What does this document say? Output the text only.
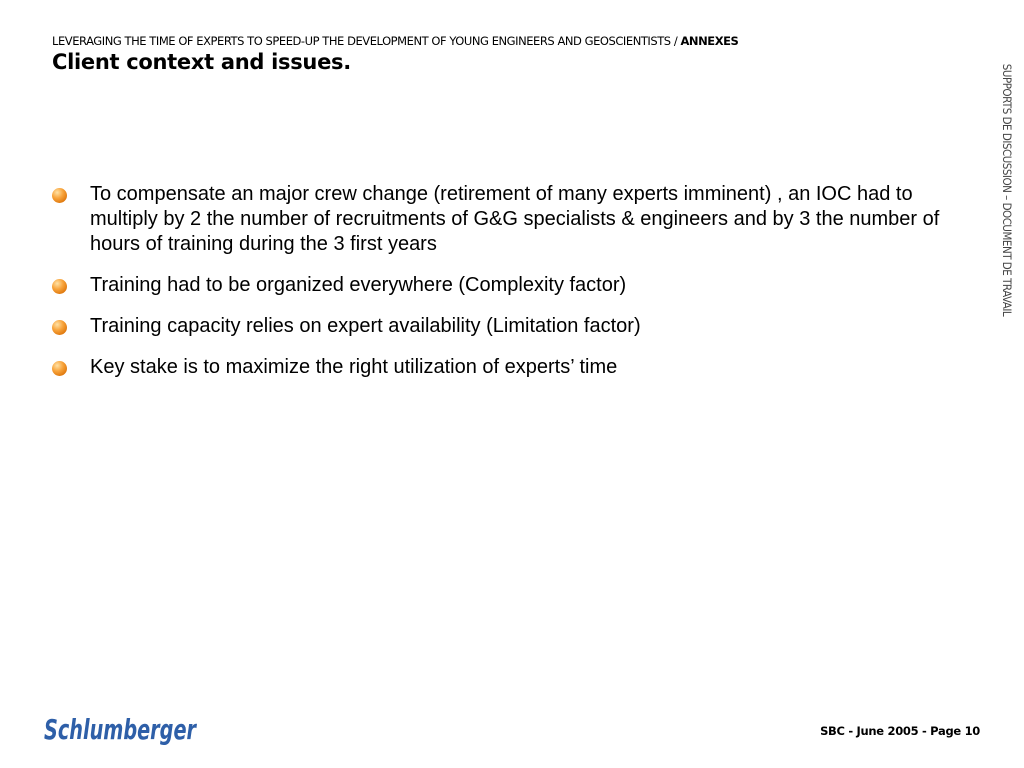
LEVERAGING THE TIME OF EXPERTS TO SPEED-UP THE DEVELOPMENT OF YOUNG ENGINEERS AND GEOSCIENTISTS / ANNEXES
Client context and issues.
SUPPORTS DE DISCUSSION – DOCUMENT DE TRAVAIL
To compensate an major crew change (retirement of many experts imminent) , an IOC had to multiply by 2 the number of recruitments of G&G specialists & engineers and by 3 the number of hours of training during the 3 first years
Training had to be organized everywhere (Complexity factor)
Training capacity relies on expert availability (Limitation factor)
Key stake is to maximize the right utilization of experts’ time
Schlumberger	SBC - June 2005 - Page 10
